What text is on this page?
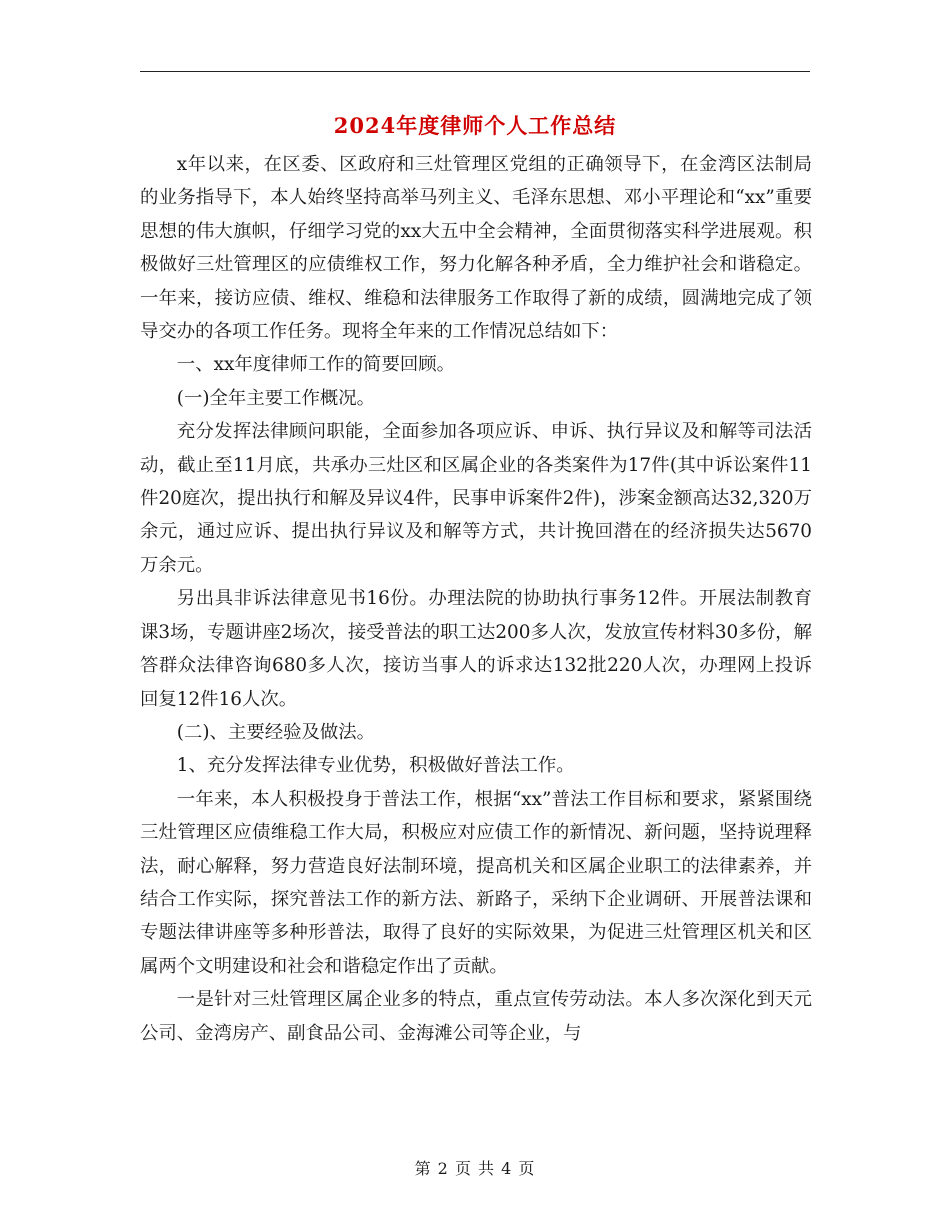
2024年度律师个人工作总结

x年以来，在区委、区政府和三灶管理区党组的正确领导下，在金湾区法制局的业务指导下，本人始终坚持高举马列主义、毛泽东思想、邓小平理论和“xx”重要思想的伟大旗帜，仔细学习党的xx大五中全会精神，全面贯彻落实科学进展观。积极做好三灶管理区的应债维权工作，努力化解各种矛盾，全力维护社会和谐稳定。一年来，接访应债、维权、维稳和法律服务工作取得了新的成绩，圆满地完成了领导交办的各项工作任务。现将全年来的工作情况总结如下：

一、xx年度律师工作的简要回顾。

(一)全年主要工作概况。

充分发挥法律顾问职能，全面参加各项应诉、申诉、执行异议及和解等司法活动，截止至11月底，共承办三灶区和区属企业的各类案件为17件(其中诉讼案件11件20庭次，提出执行和解及异议4件，民事申诉案件2件)，涉案金额高达32,320万余元，通过应诉、提出执行异议及和解等方式，共计挽回潜在的经济损失达5670万余元。

另出具非诉法律意见书16份。办理法院的协助执行事务12件。开展法制教育课3场，专题讲座2场次，接受普法的职工达200多人次，发放宣传材料30多份，解答群众法律咨询680多人次，接访当事人的诉求达132批220人次，办理网上投诉回复12件16人次。

(二)、主要经验及做法。

1、充分发挥法律专业优势，积极做好普法工作。

一年来，本人积极投身于普法工作，根据“xx”普法工作目标和要求，紧紧围绕三灶管理区应债维稳工作大局，积极应对应债工作的新情况、新问题，坚持说理释法，耐心解释，努力营造良好法制环境，提高机关和区属企业职工的法律素养，并结合工作实际，探究普法工作的新方法、新路子，采纳下企业调研、开展普法课和专题法律讲座等多种形普法，取得了良好的实际效果，为促进三灶管理区机关和区属两个文明建设和社会和谐稳定作出了贡献。

一是针对三灶管理区属企业多的特点，重点宣传劳动法。本人多次深化到天元公司、金湾房产、副食品公司、金海滩公司等企业，与

第 2 页 共 4 页
